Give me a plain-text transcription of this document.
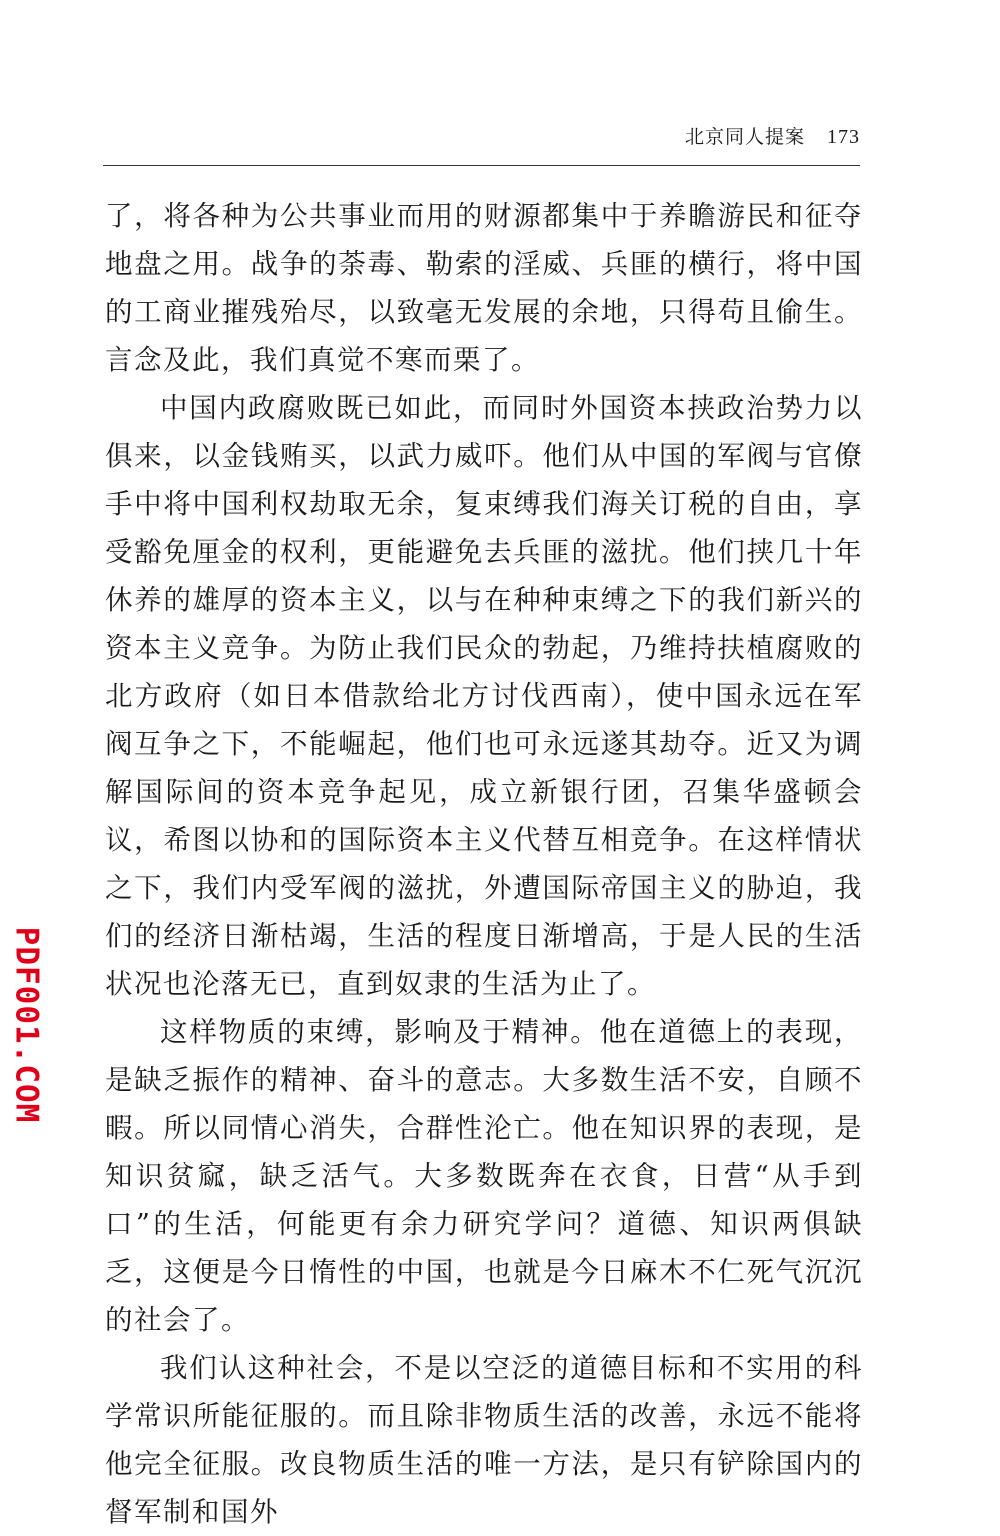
北京同人提案 173

了，将各种为公共事业而用的财源都集中于养瞻游民和征夺地盘之用。战争的荼毒、勒索的淫威、兵匪的横行，将中国的工商业摧残殆尽，以致毫无发展的余地，只得苟且偷生。言念及此，我们真觉不寒而栗了。

中国内政腐败既已如此，而同时外国资本挟政治势力以俱来，以金钱贿买，以武力威吓。他们从中国的军阀与官僚手中将中国利权劫取无余，复束缚我们海关订税的自由，享受豁免厘金的权利，更能避免去兵匪的滋扰。他们挟几十年休养的雄厚的资本主义，以与在种种束缚之下的我们新兴的资本主义竞争。为防止我们民众的勃起，乃维持扶植腐败的北方政府（如日本借款给北方讨伐西南），使中国永远在军阀互争之下，不能崛起，他们也可永远遂其劫夺。近又为调解国际间的资本竞争起见，成立新银行团，召集华盛顿会议，希图以协和的国际资本主义代替互相竞争。在这样情状之下，我们内受军阀的滋扰，外遭国际帝国主义的胁迫，我们的经济日渐枯竭，生活的程度日渐增高，于是人民的生活状况也沦落无已，直到奴隶的生活为止了。

这样物质的束缚，影响及于精神。他在道德上的表现，是缺乏振作的精神、奋斗的意志。大多数生活不安，自顾不暇。所以同情心消失，合群性沦亡。他在知识界的表现，是知识贫窳，缺乏活气。大多数既奔在衣食，日营“从手到口”的生活，何能更有余力研究学问？道德、知识两俱缺乏，这便是今日惰性的中国，也就是今日麻木不仁死气沉沉的社会了。

我们认这种社会，不是以空泛的道德目标和不实用的科学常识所能征服的。而且除非物质生活的改善，永远不能将他完全征服。改良物质生活的唯一方法，是只有铲除国内的督军制和国外

PDF001.COM
